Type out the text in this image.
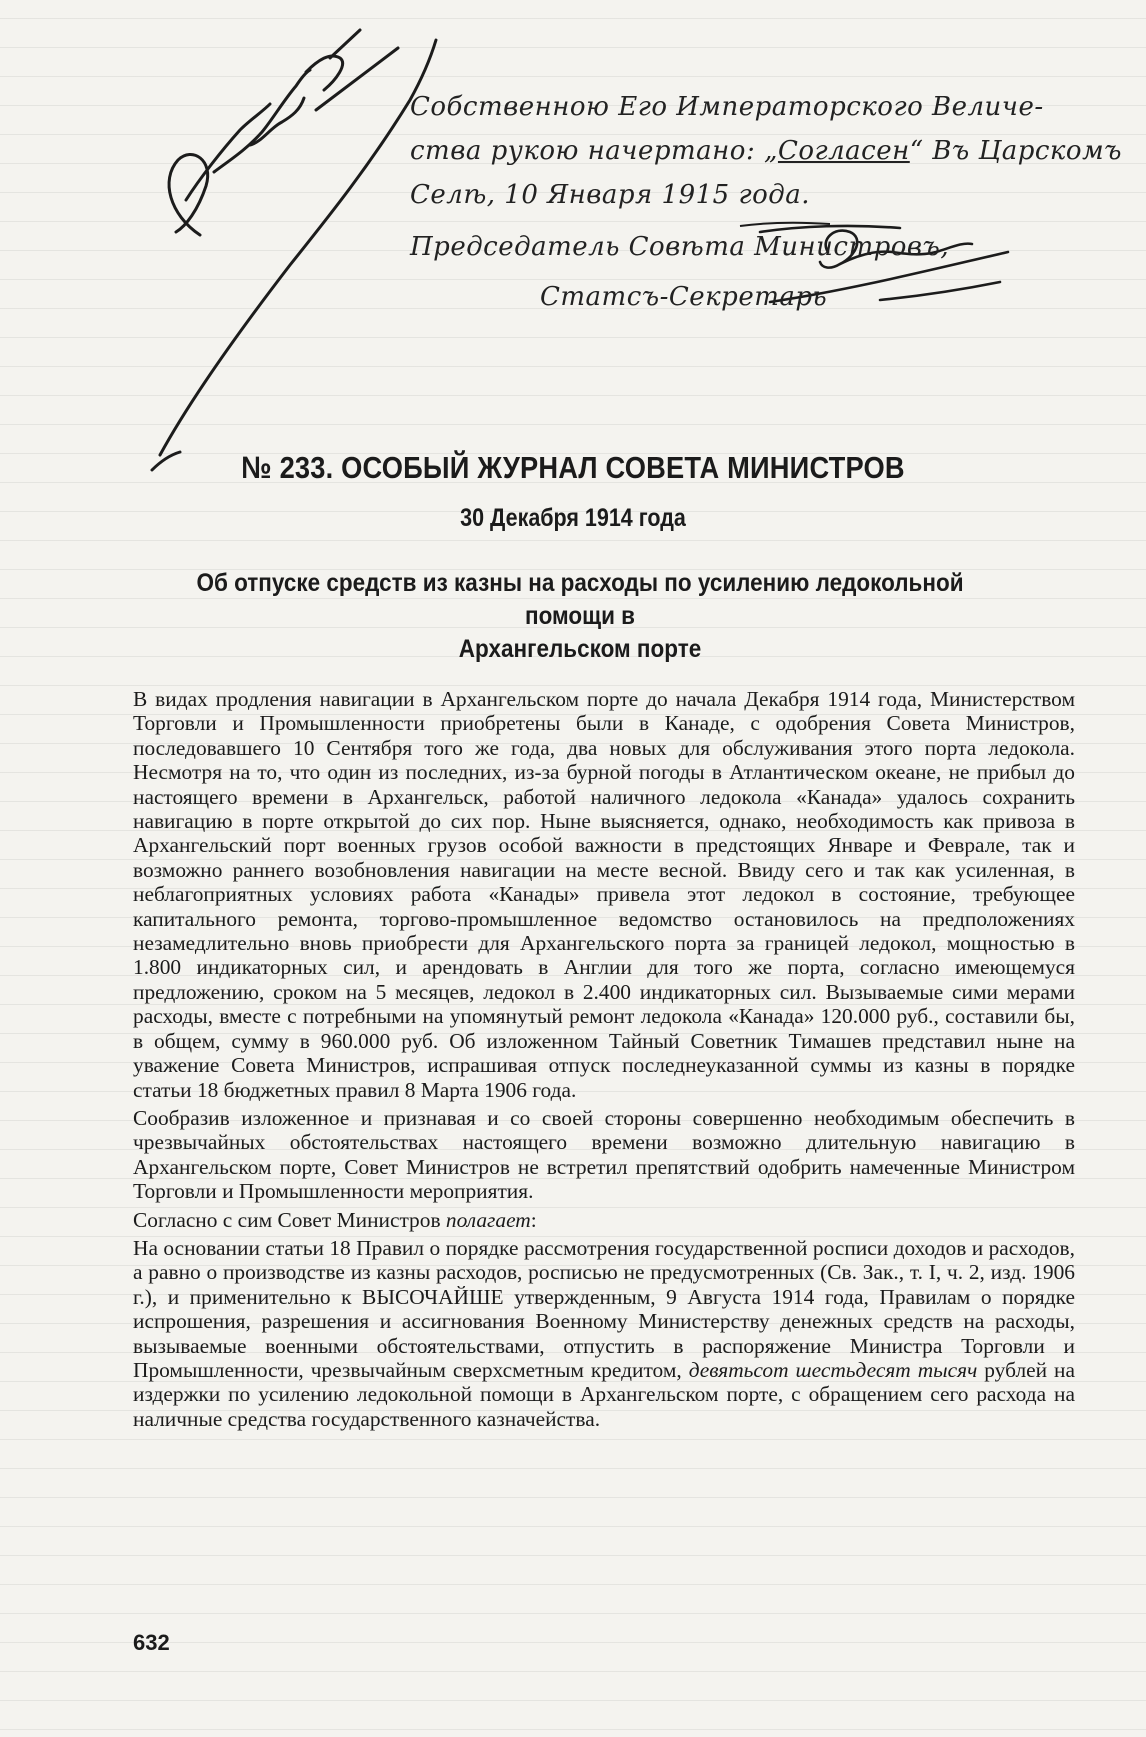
Собственною Его Императорского Величе-
ства рукою начертано: „Согласен“ Въ Царскомъ
Селѣ, 10 Января 1915 года.
Председатель Совѣта Министровъ,
Статсъ-Секретарь
№ 233. ОСОБЫЙ ЖУРНАЛ СОВЕТА МИНИСТРОВ
30 Декабря 1914 года
Об отпуске средств из казны на расходы по усилению ледокольной помощи в
Архангельском порте

В видах продления навигации в Архангельском порте до начала Декабря 1914 года, Министерством Торговли и Промышленности приобретены были в Канаде, с одобрения Совета Министров, последовавшего 10 Сентября того же года, два новых для обслуживания этого порта ледокола. Несмотря на то, что один из последних, из-за бурной погоды в Атлантическом океане, не прибыл до настоящего времени в Архангельск, работой наличного ледокола «Канада» удалось сохранить навигацию в порте открытой до сих пор. Ныне выясняется, однако, необходимость как привоза в Архангельский порт военных грузов особой важности в предстоящих Январе и Феврале, так и возможно раннего возобновления навигации на месте весной. Ввиду сего и так как усиленная, в неблагоприятных условиях работа «Канады» привела этот ледокол в состояние, требующее капитального ремонта, торгово-промышленное ведомство остановилось на предположениях незамедлительно вновь приобрести для Архангельского порта за границей ледокол, мощностью в 1.800 индикаторных сил, и арендовать в Англии для того же порта, согласно имеющемуся предложению, сроком на 5 месяцев, ледокол в 2.400 индикаторных сил. Вызываемые сими мерами расходы, вместе с потребными на упомянутый ремонт ледокола «Канада» 120.000 руб., составили бы, в общем, сумму в 960.000 руб. Об изложенном Тайный Советник Тимашев представил ныне на уважение Совета Министров, испрашивая отпуск последнеуказанной суммы из казны в порядке статьи 18 бюджетных правил 8 Марта 1906 года.

Сообразив изложенное и признавая и со своей стороны совершенно необходимым обеспечить в чрезвычайных обстоятельствах настоящего времени возможно длительную навигацию в Архангельском порте, Совет Министров не встретил препятствий одобрить намеченные Министром Торговли и Промышленности мероприятия.

Согласно с сим Совет Министров полагает:

На основании статьи 18 Правил о порядке рассмотрения государственной росписи доходов и расходов, а равно о производстве из казны расходов, росписью не предусмотренных (Св. Зак., т. I, ч. 2, изд. 1906 г.), и применительно к ВЫСОЧАЙШЕ утвержденным, 9 Августа 1914 года, Правилам о порядке испрошения, разрешения и ассигнования Военному Министерству денежных средств на расходы, вызываемые военными обстоятельствами, отпустить в распоряжение Министра Торговли и Промышленности, чрезвычайным сверхсметным кредитом, девятьсот шестьдесят тысяч рублей на издержки по усилению ледокольной помощи в Архангельском порте, с обращением сего расхода на наличные средства государственного казначейства.

632
